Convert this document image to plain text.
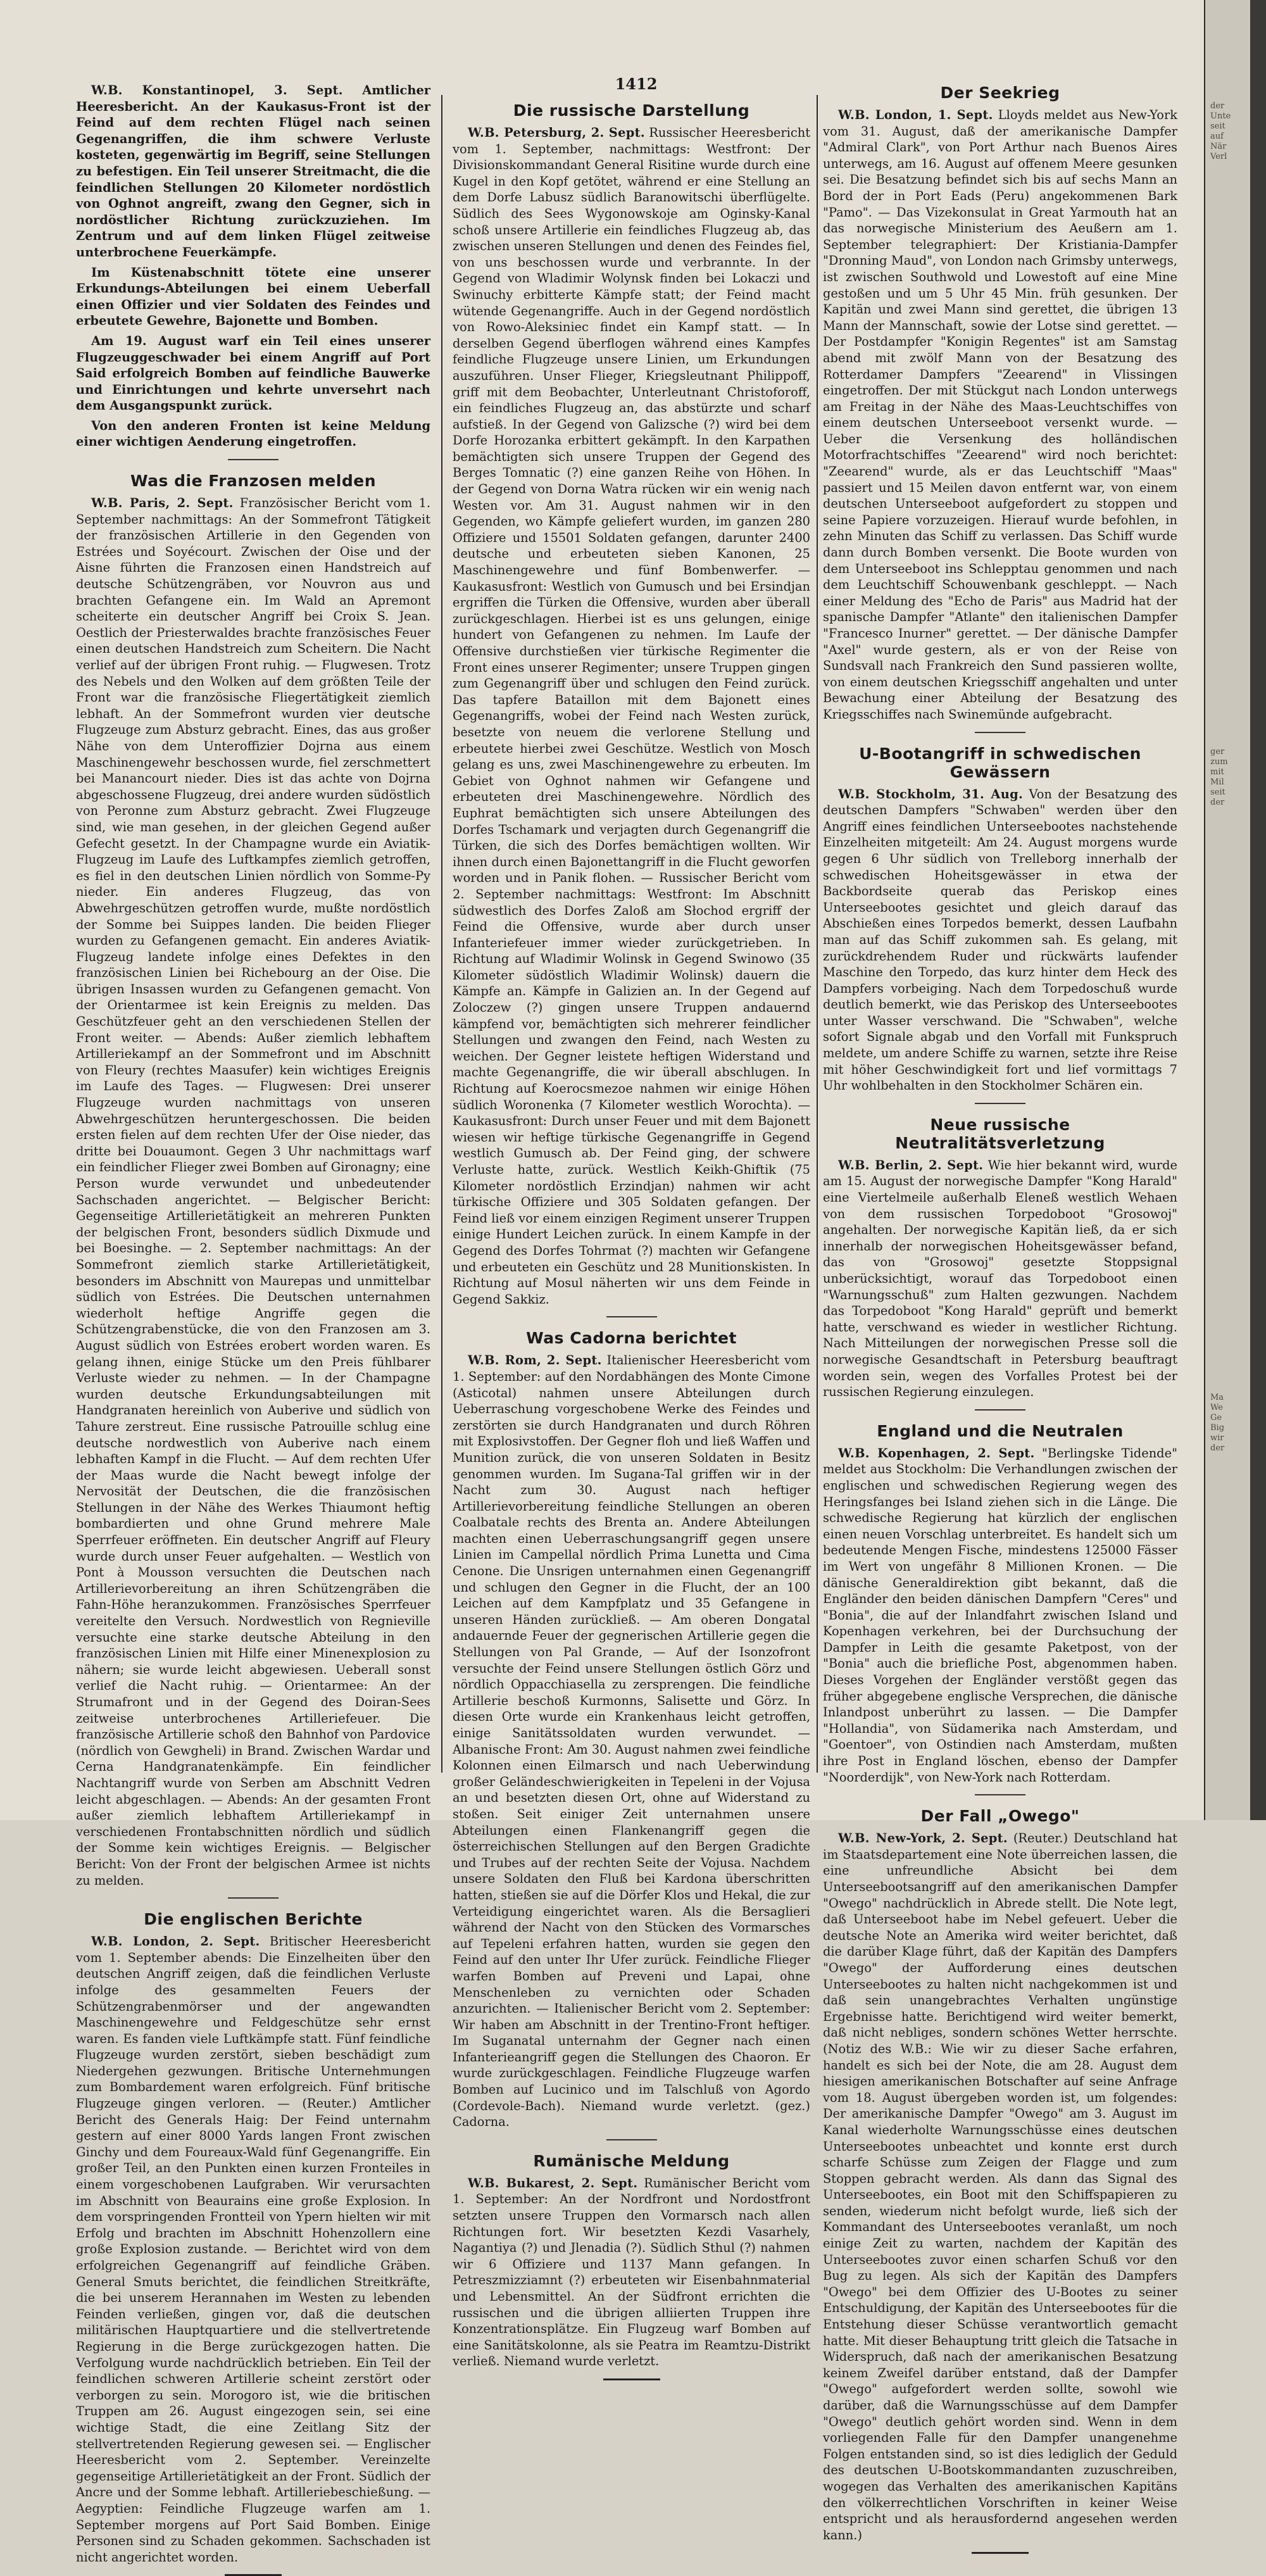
der
Unte
seit
auf
När
Verl
ger
zum
mit
Mil
seit
der
Ma
We
Ge
Big
wir
der
1412

W.B. Konstantinopel, 3. Sept. Amtlicher Heeresbericht. An der Kaukasus-Front ist der Feind auf dem rechten Flügel nach seinen Gegenangriffen, die ihm schwere Verluste kosteten, gegenwärtig im Begriff, seine Stellungen zu befestigen. Ein Teil unserer Streitmacht, die die feindlichen Stellungen 20 Kilometer nordöstlich von Oghnot angreift, zwang den Gegner, sich in nordöstlicher Richtung zurückzuziehen. Im Zentrum und auf dem linken Flügel zeitweise unterbrochene Feuerkämpfe.

Im Küstenabschnitt tötete eine unserer Erkundungs-Abteilungen bei einem Ueberfall einen Offizier und vier Soldaten des Feindes und erbeutete Gewehre, Bajonette und Bomben.

Am 19. August warf ein Teil eines unserer Flugzeuggeschwader bei einem Angriff auf Port Said erfolgreich Bomben auf feindliche Bauwerke und Einrichtungen und kehrte unversehrt nach dem Ausgangspunkt zurück.

Von den anderen Fronten ist keine Meldung einer wichtigen Aenderung eingetroffen.

Was die Franzosen melden

W.B. Paris, 2. Sept. Französischer Bericht vom 1. September nachmittags: An der Sommefront Tätigkeit der französischen Artillerie in den Gegenden von Estrées und Soyécourt. Zwischen der Oise und der Aisne führten die Franzosen einen Handstreich auf deutsche Schützengräben, vor Nouvron aus und brachten Gefangene ein. Im Wald an Apremont scheiterte ein deutscher Angriff bei Croix S. Jean. Oestlich der Priesterwaldes brachte französisches Feuer einen deutschen Handstreich zum Scheitern. Die Nacht verlief auf der übrigen Front ruhig. — Flugwesen. Trotz des Nebels und den Wolken auf dem größten Teile der Front war die französische Fliegertätigkeit ziemlich lebhaft. An der Sommefront wurden vier deutsche Flugzeuge zum Absturz gebracht. Eines, das aus großer Nähe von dem Unteroffizier Dojrna aus einem Maschinengewehr beschossen wurde, fiel zerschmettert bei Manancourt nieder. Dies ist das achte von Dojrna abgeschossene Flugzeug, drei andere wurden südöstlich von Peronne zum Absturz gebracht. Zwei Flugzeuge sind, wie man gesehen, in der gleichen Gegend außer Gefecht gesetzt. In der Champagne wurde ein Aviatik-Flugzeug im Laufe des Luftkampfes ziemlich getroffen, es fiel in den deutschen Linien nördlich von Somme-Py nieder. Ein anderes Flugzeug, das von Abwehrgeschützen getroffen wurde, mußte nordöstlich der Somme bei Suippes landen. Die beiden Flieger wurden zu Gefangenen gemacht. Ein anderes Aviatik-Flugzeug landete infolge eines Defektes in den französischen Linien bei Richebourg an der Oise. Die übrigen Insassen wurden zu Gefangenen gemacht. Von der Orientarmee ist kein Ereignis zu melden. Das Geschützfeuer geht an den verschiedenen Stellen der Front weiter. — Abends: Außer ziemlich lebhaftem Artilleriekampf an der Sommefront und im Abschnitt von Fleury (rechtes Maasufer) kein wichtiges Ereignis im Laufe des Tages. — Flugwesen: Drei unserer Flugzeuge wurden nachmittags von unseren Abwehrgeschützen heruntergeschossen. Die beiden ersten fielen auf dem rechten Ufer der Oise nieder, das dritte bei Douaumont. Gegen 3 Uhr nachmittags warf ein feindlicher Flieger zwei Bomben auf Gironagny; eine Person wurde verwundet und unbedeutender Sachschaden angerichtet. — Belgischer Bericht: Gegenseitige Artillerietätigkeit an mehreren Punkten der belgischen Front, besonders südlich Dixmude und bei Boesinghe. — 2. September nachmittags: An der Sommefront ziemlich starke Artillerietätigkeit, besonders im Abschnitt von Maurepas und unmittelbar südlich von Estrées. Die Deutschen unternahmen wiederholt heftige Angriffe gegen die Schützengrabenstücke, die von den Franzosen am 3. August südlich von Estrées erobert worden waren. Es gelang ihnen, einige Stücke um den Preis fühlbarer Verluste wieder zu nehmen. — In der Champagne wurden deutsche Erkundungsabteilungen mit Handgranaten hereinlich von Auberive und südlich von Tahure zerstreut. Eine russische Patrouille schlug eine deutsche nordwestlich von Auberive nach einem lebhaften Kampf in die Flucht. — Auf dem rechten Ufer der Maas wurde die Nacht bewegt infolge der Nervosität der Deutschen, die die französischen Stellungen in der Nähe des Werkes Thiaumont heftig bombardierten und ohne Grund mehrere Male Sperrfeuer eröffneten. Ein deutscher Angriff auf Fleury wurde durch unser Feuer aufgehalten. — Westlich von Pont à Mousson versuchten die Deutschen nach Artillerievorbereitung an ihren Schützengräben die Fahn-Höhe heranzukommen. Französisches Sperrfeuer vereitelte den Versuch. Nordwestlich von Regnieville versuchte eine starke deutsche Abteilung in den französischen Linien mit Hilfe einer Minenexplosion zu nähern; sie wurde leicht abgewiesen. Ueberall sonst verlief die Nacht ruhig. — Orientarmee: An der Strumafront und in der Gegend des Doiran-Sees zeitweise unterbrochenes Artilleriefeuer. Die französische Artillerie schoß den Bahnhof von Pardovice (nördlich von Gewgheli) in Brand. Zwischen Wardar und Cerna Handgranatenkämpfe. Ein feindlicher Nachtangriff wurde von Serben am Abschnitt Vedren leicht abgeschlagen. — Abends: An der gesamten Front außer ziemlich lebhaftem Artilleriekampf in verschiedenen Frontabschnitten nördlich und südlich der Somme kein wichtiges Ereignis. — Belgischer Bericht: Von der Front der belgischen Armee ist nichts zu melden.

Die englischen Berichte

W.B. London, 2. Sept. Britischer Heeresbericht vom 1. September abends: Die Einzelheiten über den deutschen Angriff zeigen, daß die feindlichen Verluste infolge des gesammelten Feuers der Schützengrabenmörser und der angewandten Maschinengewehre und Feldgeschütze sehr ernst waren. Es fanden viele Luftkämpfe statt. Fünf feindliche Flugzeuge wurden zerstört, sieben beschädigt zum Niedergehen gezwungen. Britische Unternehmungen zum Bombardement waren erfolgreich. Fünf britische Flugzeuge gingen verloren. — (Reuter.) Amtlicher Bericht des Generals Haig: Der Feind unternahm gestern auf einer 8000 Yards langen Front zwischen Ginchy und dem Foureaux-Wald fünf Gegenangriffe. Ein großer Teil, an den Punkten einen kurzen Fronteiles in einem vorgeschobenen Laufgraben. Wir verursachten im Abschnitt von Beaurains eine große Explosion. In dem vorspringenden Frontteil von Ypern hielten wir mit Erfolg und brachten im Abschnitt Hohenzollern eine große Explosion zustande. — Berichtet wird von dem erfolgreichen Gegenangriff auf feindliche Gräben. General Smuts berichtet, die feindlichen Streitkräfte, die bei unserem Herannahen im Westen zu lebenden Feinden verließen, gingen vor, daß die deutschen militärischen Hauptquartiere und die stellvertretende Regierung in die Berge zurückgezogen hatten. Die Verfolgung wurde nachdrücklich betrieben. Ein Teil der feindlichen schweren Artillerie scheint zerstört oder verborgen zu sein. Morogoro ist, wie die britischen Truppen am 26. August eingezogen sein, sei eine wichtige Stadt, die eine Zeitlang Sitz der stellvertretenden Regierung gewesen sei. — Englischer Heeresbericht vom 2. September. Vereinzelte gegenseitige Artillerietätigkeit an der Front. Südlich der Ancre und der Somme lebhaft. Artilleriebeschießung. — Aegyptien: Feindliche Flugzeuge warfen am 1. September morgens auf Port Said Bomben. Einige Personen sind zu Schaden gekommen. Sachschaden ist nicht angerichtet worden.

Die russische Darstellung

W.B. Petersburg, 2. Sept. Russischer Heeresbericht vom 1. September, nachmittags: Westfront: Der Divisionskommandant General Risitine wurde durch eine Kugel in den Kopf getötet, während er eine Stellung an dem Dorfe Labusz südlich Baranowitschi überflügelte. Südlich des Sees Wygonowskoje am Oginsky-Kanal schoß unsere Artillerie ein feindliches Flugzeug ab, das zwischen unseren Stellungen und denen des Feindes fiel, von uns beschossen wurde und verbrannte. In der Gegend von Wladimir Wolynsk finden bei Lokaczi und Swinuchy erbitterte Kämpfe statt; der Feind macht wütende Gegenangriffe. Auch in der Gegend nordöstlich von Rowo-Aleksiniec findet ein Kampf statt. — In derselben Gegend überflogen während eines Kampfes feindliche Flugzeuge unsere Linien, um Erkundungen auszuführen. Unser Flieger, Kriegsleutnant Philippoff, griff mit dem Beobachter, Unterleutnant Christoforoff, ein feindliches Flugzeug an, das abstürzte und scharf aufstieß. In der Gegend von Galizsche (?) wird bei dem Dorfe Horozanka erbittert gekämpft. In den Karpathen bemächtigten sich unsere Truppen der Gegend des Berges Tomnatic (?) eine ganzen Reihe von Höhen. In der Gegend von Dorna Watra rücken wir ein wenig nach Westen vor. Am 31. August nahmen wir in den Gegenden, wo Kämpfe geliefert wurden, im ganzen 280 Offiziere und 15501 Soldaten gefangen, darunter 2400 deutsche und erbeuteten sieben Kanonen, 25 Maschinengewehre und fünf Bombenwerfer. — Kaukasusfront: Westlich von Gumusch und bei Ersindjan ergriffen die Türken die Offensive, wurden aber überall zurückgeschlagen. Hierbei ist es uns gelungen, einige hundert von Gefangenen zu nehmen. Im Laufe der Offensive durchstießen vier türkische Regimenter die Front eines unserer Regimenter; unsere Truppen gingen zum Gegenangriff über und schlugen den Feind zurück. Das tapfere Bataillon mit dem Bajonett eines Gegenangriffs, wobei der Feind nach Westen zurück, besetzte von neuem die verlorene Stellung und erbeutete hierbei zwei Geschütze. Westlich von Mosch gelang es uns, zwei Maschinengewehre zu erbeuten. Im Gebiet von Oghnot nahmen wir Gefangene und erbeuteten drei Maschinengewehre. Nördlich des Euphrat bemächtigten sich unsere Abteilungen des Dorfes Tschamark und verjagten durch Gegenangriff die Türken, die sich des Dorfes bemächtigen wollten. Wir ihnen durch einen Bajonettangriff in die Flucht geworfen worden und in Panik flohen. — Russischer Bericht vom 2. September nachmittags: Westfront: Im Abschnitt südwestlich des Dorfes Zaloß am Słochod ergriff der Feind die Offensive, wurde aber durch unser Infanteriefeuer immer wieder zurückgetrieben. In Richtung auf Wladimir Wolinsk in Gegend Swinowo (35 Kilometer südöstlich Wladimir Wolinsk) dauern die Kämpfe an. Kämpfe in Galizien an. In der Gegend auf Zoloczew (?) gingen unsere Truppen andauernd kämpfend vor, bemächtigten sich mehrerer feindlicher Stellungen und zwangen den Feind, nach Westen zu weichen. Der Gegner leistete heftigen Widerstand und machte Gegenangriffe, die wir überall abschlugen. In Richtung auf Koerocsmezoe nahmen wir einige Höhen südlich Woronenka (7 Kilometer westlich Worochta). — Kaukasusfront: Durch unser Feuer und mit dem Bajonett wiesen wir heftige türkische Gegenangriffe in Gegend westlich Gumusch ab. Der Feind ging, der schwere Verluste hatte, zurück. Westlich Keikh-Ghiftik (75 Kilometer nordöstlich Erzindjan) nahmen wir acht türkische Offiziere und 305 Soldaten gefangen. Der Feind ließ vor einem einzigen Regiment unserer Truppen einige Hundert Leichen zurück. In einem Kampfe in der Gegend des Dorfes Tohrmat (?) machten wir Gefangene und erbeuteten ein Geschütz und 28 Munitionskisten. In Richtung auf Mosul näherten wir uns dem Feinde in Gegend Sakkiz.

Was Cadorna berichtet

W.B. Rom, 2. Sept. Italienischer Heeresbericht vom 1. September: auf den Nordabhängen des Monte Cimone (Asticotal) nahmen unsere Abteilungen durch Ueberraschung vorgeschobene Werke des Feindes und zerstörten sie durch Handgranaten und durch Röhren mit Explosivstoffen. Der Gegner floh und ließ Waffen und Munition zurück, die von unseren Soldaten in Besitz genommen wurden. Im Sugana-Tal griffen wir in der Nacht zum 30. August nach heftiger Artillerievorbereitung feindliche Stellungen an oberen Coalbatale rechts des Brenta an. Andere Abteilungen machten einen Ueberraschungsangriff gegen unsere Linien im Campellal nördlich Prima Lunetta und Cima Cenone. Die Unsrigen unternahmen einen Gegenangriff und schlugen den Gegner in die Flucht, der an 100 Leichen auf dem Kampfplatz und 35 Gefangene in unseren Händen zurückließ. — Am oberen Dongatal andauernde Feuer der gegnerischen Artillerie gegen die Stellungen von Pal Grande, — Auf der Isonzofront versuchte der Feind unsere Stellungen östlich Görz und nördlich Oppacchiasella zu zersprengen. Die feindliche Artillerie beschoß Kurmonns, Salisette und Görz. In diesen Orte wurde ein Krankenhaus leicht getroffen, einige Sanitätssoldaten wurden verwundet. — Albanische Front: Am 30. August nahmen zwei feindliche Kolonnen einen Eilmarsch und nach Ueberwindung großer Geländeschwierigkeiten in Tepeleni in der Vojusa an und besetzten diesen Ort, ohne auf Widerstand zu stoßen. Seit einiger Zeit unternahmen unsere Abteilungen einen Flankenangriff gegen die österreichischen Stellungen auf den Bergen Gradichte und Trubes auf der rechten Seite der Vojusa. Nachdem unsere Soldaten den Fluß bei Kardona überschritten hatten, stießen sie auf die Dörfer Klos und Hekal, die zur Verteidigung eingerichtet waren. Als die Bersaglieri während der Nacht von den Stücken des Vormarsches auf Tepeleni erfahren hatten, wurden sie gegen den Feind auf den unter Ihr Ufer zurück. Feindliche Flieger warfen Bomben auf Preveni und Lapai, ohne Menschenleben zu vernichten oder Schaden anzurichten. — Italienischer Bericht vom 2. September: Wir haben am Abschnitt in der Trentino-Front heftiger. Im Suganatal unternahm der Gegner nach einen Infanterieangriff gegen die Stellungen des Chaoron. Er wurde zurückgeschlagen. Feindliche Flugzeuge warfen Bomben auf Lucinico und im Talschluß von Agordo (Cordevole-Bach). Niemand wurde verletzt. (gez.) Cadorna.

Rumänische Meldung

W.B. Bukarest, 2. Sept. Rumänischer Bericht vom 1. September: An der Nordfront und Nordostfront setzten unsere Truppen den Vormarsch nach allen Richtungen fort. Wir besetzten Kezdi Vasarhely, Nagantiya (?) und Jlenadia (?). Südlich Sthul (?) nahmen wir 6 Offiziere und 1137 Mann gefangen. In Petreszmizziamnt (?) erbeuteten wir Eisenbahnmaterial und Lebensmittel. An der Südfront errichten die russischen und die übrigen alliierten Truppen ihre Konzentrationsplätze. Ein Flugzeug warf Bomben auf eine Sanitätskolonne, als sie Peatra im Reamtzu-Distrikt verließ. Niemand wurde verletzt.

Der Seekrieg

W.B. London, 1. Sept. Lloyds meldet aus New-York vom 31. August, daß der amerikanische Dampfer "Admiral Clark", von Port Arthur nach Buenos Aires unterwegs, am 16. August auf offenem Meere gesunken sei. Die Besatzung befindet sich bis auf sechs Mann an Bord der in Port Eads (Peru) angekommenen Bark "Pamo". — Das Vizekonsulat in Great Yarmouth hat an das norwegische Ministerium des Aeußern am 1. September telegraphiert: Der Kristiania-Dampfer "Dronning Maud", von London nach Grimsby unterwegs, ist zwischen Southwold und Lowestoft auf eine Mine gestoßen und um 5 Uhr 45 Min. früh gesunken. Der Kapitän und zwei Mann sind gerettet, die übrigen 13 Mann der Mannschaft, sowie der Lotse sind gerettet. — Der Postdampfer "Konigin Regentes" ist am Samstag abend mit zwölf Mann von der Besatzung des Rotterdamer Dampfers "Zeearend" in Vlissingen eingetroffen. Der mit Stückgut nach London unterwegs am Freitag in der Nähe des Maas-Leuchtschiffes von einem deutschen Unterseeboot versenkt wurde. — Ueber die Versenkung des holländischen Motorfrachtschiffes "Zeearend" wird noch berichtet: "Zeearend" wurde, als er das Leuchtschiff "Maas" passiert und 15 Meilen davon entfernt war, von einem deutschen Unterseeboot aufgefordert zu stoppen und seine Papiere vorzuzeigen. Hierauf wurde befohlen, in zehn Minuten das Schiff zu verlassen. Das Schiff wurde dann durch Bomben versenkt. Die Boote wurden von dem Unterseeboot ins Schlepptau genommen und nach dem Leuchtschiff Schouwenbank geschleppt. — Nach einer Meldung des "Echo de Paris" aus Madrid hat der spanische Dampfer "Atlante" den italienischen Dampfer "Francesco Inurner" gerettet. — Der dänische Dampfer "Axel" wurde gestern, als er von der Reise von Sundsvall nach Frankreich den Sund passieren wollte, von einem deutschen Kriegsschiff angehalten und unter Bewachung einer Abteilung der Besatzung des Kriegsschiffes nach Swinemünde aufgebracht.

U-Bootangriff in schwedischen Gewässern

W.B. Stockholm, 31. Aug. Von der Besatzung des deutschen Dampfers "Schwaben" werden über den Angriff eines feindlichen Unterseebootes nachstehende Einzelheiten mitgeteilt: Am 24. August morgens wurde gegen 6 Uhr südlich von Trelleborg innerhalb der schwedischen Hoheitsgewässer in etwa der Backbordseite querab das Periskop eines Unterseebootes gesichtet und gleich darauf das Abschießen eines Torpedos bemerkt, dessen Laufbahn man auf das Schiff zukommen sah. Es gelang, mit zurückdrehendem Ruder und rückwärts laufender Maschine den Torpedo, das kurz hinter dem Heck des Dampfers vorbeiging. Nach dem Torpedoschuß wurde deutlich bemerkt, wie das Periskop des Unterseebootes unter Wasser verschwand. Die "Schwaben", welche sofort Signale abgab und den Vorfall mit Funkspruch meldete, um andere Schiffe zu warnen, setzte ihre Reise mit höher Geschwindigkeit fort und lief vormittags 7 Uhr wohlbehalten in den Stockholmer Schären ein.

Neue russische Neutralitätsverletzung

W.B. Berlin, 2. Sept. Wie hier bekannt wird, wurde am 15. August der norwegische Dampfer "Kong Harald" eine Viertelmeile außerhalb Eleneß westlich Wehaen von dem russischen Torpedoboot "Grosowoj" angehalten. Der norwegische Kapitän ließ, da er sich innerhalb der norwegischen Hoheitsgewässer befand, das von "Grosowoj" gesetzte Stoppsignal unberücksichtigt, worauf das Torpedoboot einen "Warnungsschuß" zum Halten gezwungen. Nachdem das Torpedoboot "Kong Harald" geprüft und bemerkt hatte, verschwand es wieder in westlicher Richtung. Nach Mitteilungen der norwegischen Presse soll die norwegische Gesandtschaft in Petersburg beauftragt worden sein, wegen des Vorfalles Protest bei der russischen Regierung einzulegen.

England und die Neutralen

W.B. Kopenhagen, 2. Sept. "Berlingske Tidende" meldet aus Stockholm: Die Verhandlungen zwischen der englischen und schwedischen Regierung wegen des Heringsfanges bei Island ziehen sich in die Länge. Die schwedische Regierung hat kürzlich der englischen einen neuen Vorschlag unterbreitet. Es handelt sich um bedeutende Mengen Fische, mindestens 125000 Fässer im Wert von ungefähr 8 Millionen Kronen. — Die dänische Generaldirektion gibt bekannt, daß die Engländer den beiden dänischen Dampfern "Ceres" und "Bonia", die auf der Inlandfahrt zwischen Island und Kopenhagen verkehren, bei der Durchsuchung der Dampfer in Leith die gesamte Paketpost, von der "Bonia" auch die briefliche Post, abgenommen haben. Dieses Vorgehen der Engländer verstößt gegen das früher abgegebene englische Versprechen, die dänische Inlandpost unberührt zu lassen. — Die Dampfer "Hollandia", von Südamerika nach Amsterdam, und "Goentoer", von Ostindien nach Amsterdam, mußten ihre Post in England löschen, ebenso der Dampfer "Noorderdijk", von New-York nach Rotterdam.

Der Fall „Owego"

W.B. New-York, 2. Sept. (Reuter.) Deutschland hat im Staatsdepartement eine Note überreichen lassen, die eine unfreundliche Absicht bei dem Unterseebootsangriff auf den amerikanischen Dampfer "Owego" nachdrücklich in Abrede stellt. Die Note legt, daß Unterseeboot habe im Nebel gefeuert. Ueber die deutsche Note an Amerika wird weiter berichtet, daß die darüber Klage führt, daß der Kapitän des Dampfers "Owego" der Aufforderung eines deutschen Unterseebootes zu halten nicht nachgekommen ist und daß sein unangebrachtes Verhalten ungünstige Ergebnisse hatte. Berichtigend wird weiter bemerkt, daß nicht nebliges, sondern schönes Wetter herrschte. (Notiz des W.B.: Wie wir zu dieser Sache erfahren, handelt es sich bei der Note, die am 28. August dem hiesigen amerikanischen Botschafter auf seine Anfrage vom 18. August übergeben worden ist, um folgendes: Der amerikanische Dampfer "Owego" am 3. August im Kanal wiederholte Warnungsschüsse eines deutschen Unterseebootes unbeachtet und konnte erst durch scharfe Schüsse zum Zeigen der Flagge und zum Stoppen gebracht werden. Als dann das Signal des Unterseebootes, ein Boot mit den Schiffspapieren zu senden, wiederum nicht befolgt wurde, ließ sich der Kommandant des Unterseebootes veranlaßt, um noch einige Zeit zu warten, nachdem der Kapitän des Unterseebootes zuvor einen scharfen Schuß vor den Bug zu legen. Als sich der Kapitän des Dampfers "Owego" bei dem Offizier des U-Bootes zu seiner Entschuldigung, der Kapitän des Unterseebootes für die Entstehung dieser Schüsse verantwortlich gemacht hatte. Mit dieser Behauptung tritt gleich die Tatsache in Widerspruch, daß nach der amerikanischen Besatzung keinem Zweifel darüber entstand, daß der Dampfer "Owego" aufgefordert werden sollte, sowohl wie darüber, daß die Warnungsschüsse auf dem Dampfer "Owego" deutlich gehört worden sind. Wenn in dem vorliegenden Falle für den Dampfer unangenehme Folgen entstanden sind, so ist dies lediglich der Geduld des deutschen U-Bootskommandanten zuzuschreiben, wogegen das Verhalten des amerikanischen Kapitäns den völkerrechtlichen Vorschriften in keiner Weise entspricht und als herausfordernd angesehen werden kann.)
